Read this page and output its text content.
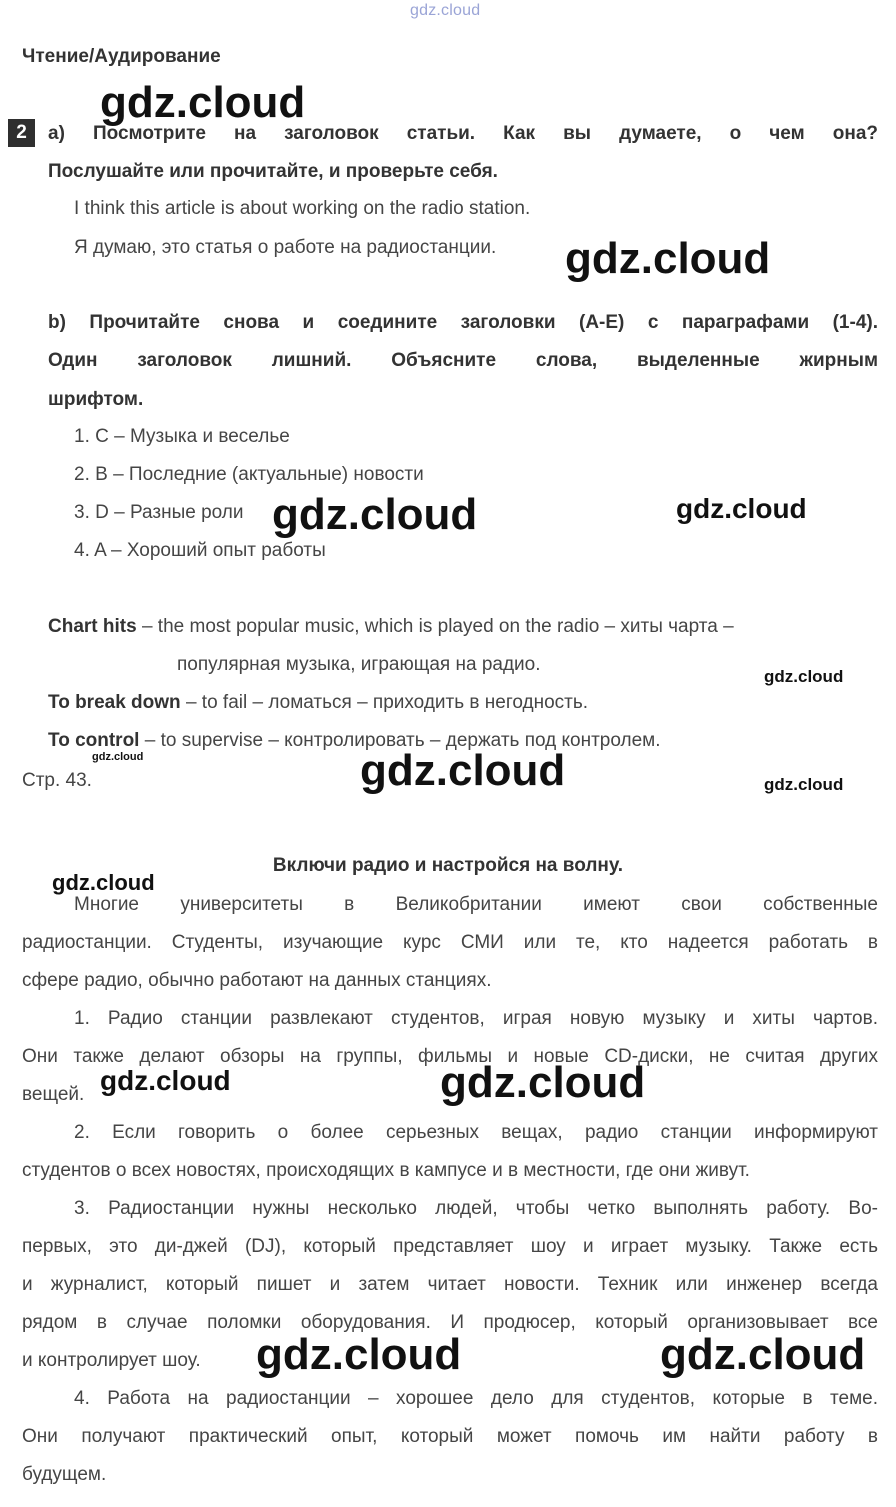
gdz.cloud
Чтение/Аудирование
gdz.cloud
gdz.cloud
gdz.cloud	gdz.cloud
gdz.cloud
gdz.cloud	gdz.cloud	gdz.cloud
gdz.cloud
gdz.cloud	gdz.cloud
gdz.cloud	gdz.cloud
2	a) Посмотрите на заголовок статьи. Как вы думаете, о чем она?
Послушайте или прочитайте, и проверьте себя.
I think this article is about working on the radio station.
Я думаю, это статья о работе на радиостанции.
b) Прочитайте снова и соедините заголовки (A-E) с параграфами (1-4).
Один заголовок лишний. Объясните слова, выделенные жирным
шрифтом.
1. C – Музыка и веселье
2. B – Последние (актуальные) новости
3. D – Разные роли
4. A – Хороший опыт работы
Chart hits – the most popular music, which is played on the radio – хиты чарта –
популярная музыка, играющая на радио.
To break down – to fail – ломаться – приходить в негодность.
To control – to supervise – контролировать – держать под контролем.
Стр. 43.
Включи радио и настройся на волну.
Многие университеты в Великобритании имеют свои собственные
радиостанции. Студенты, изучающие курс СМИ или те, кто надеется работать в
сфере радио, обычно работают на данных станциях.
1. Радио станции развлекают студентов, играя новую музыку и хиты чартов.
Они также делают обзоры на группы, фильмы и новые CD-диски, не считая других
вещей.
2. Если говорить о более серьезных вещах, радио станции информируют
студентов о всех новостях, происходящих в кампусе и в местности, где они живут.
3. Радиостанции нужны несколько людей, чтобы четко выполнять работу. Во-
первых, это ди-джей (DJ), который представляет шоу и играет музыку. Также есть
и журналист, который пишет и затем читает новости. Техник или инженер всегда
рядом в случае поломки оборудования. И продюсер, который организовывает все
и контролирует шоу.
4. Работа на радиостанции – хорошее дело для студентов, которые в теме.
Они получают практический опыт, который может помочь им найти работу в
будущем.
